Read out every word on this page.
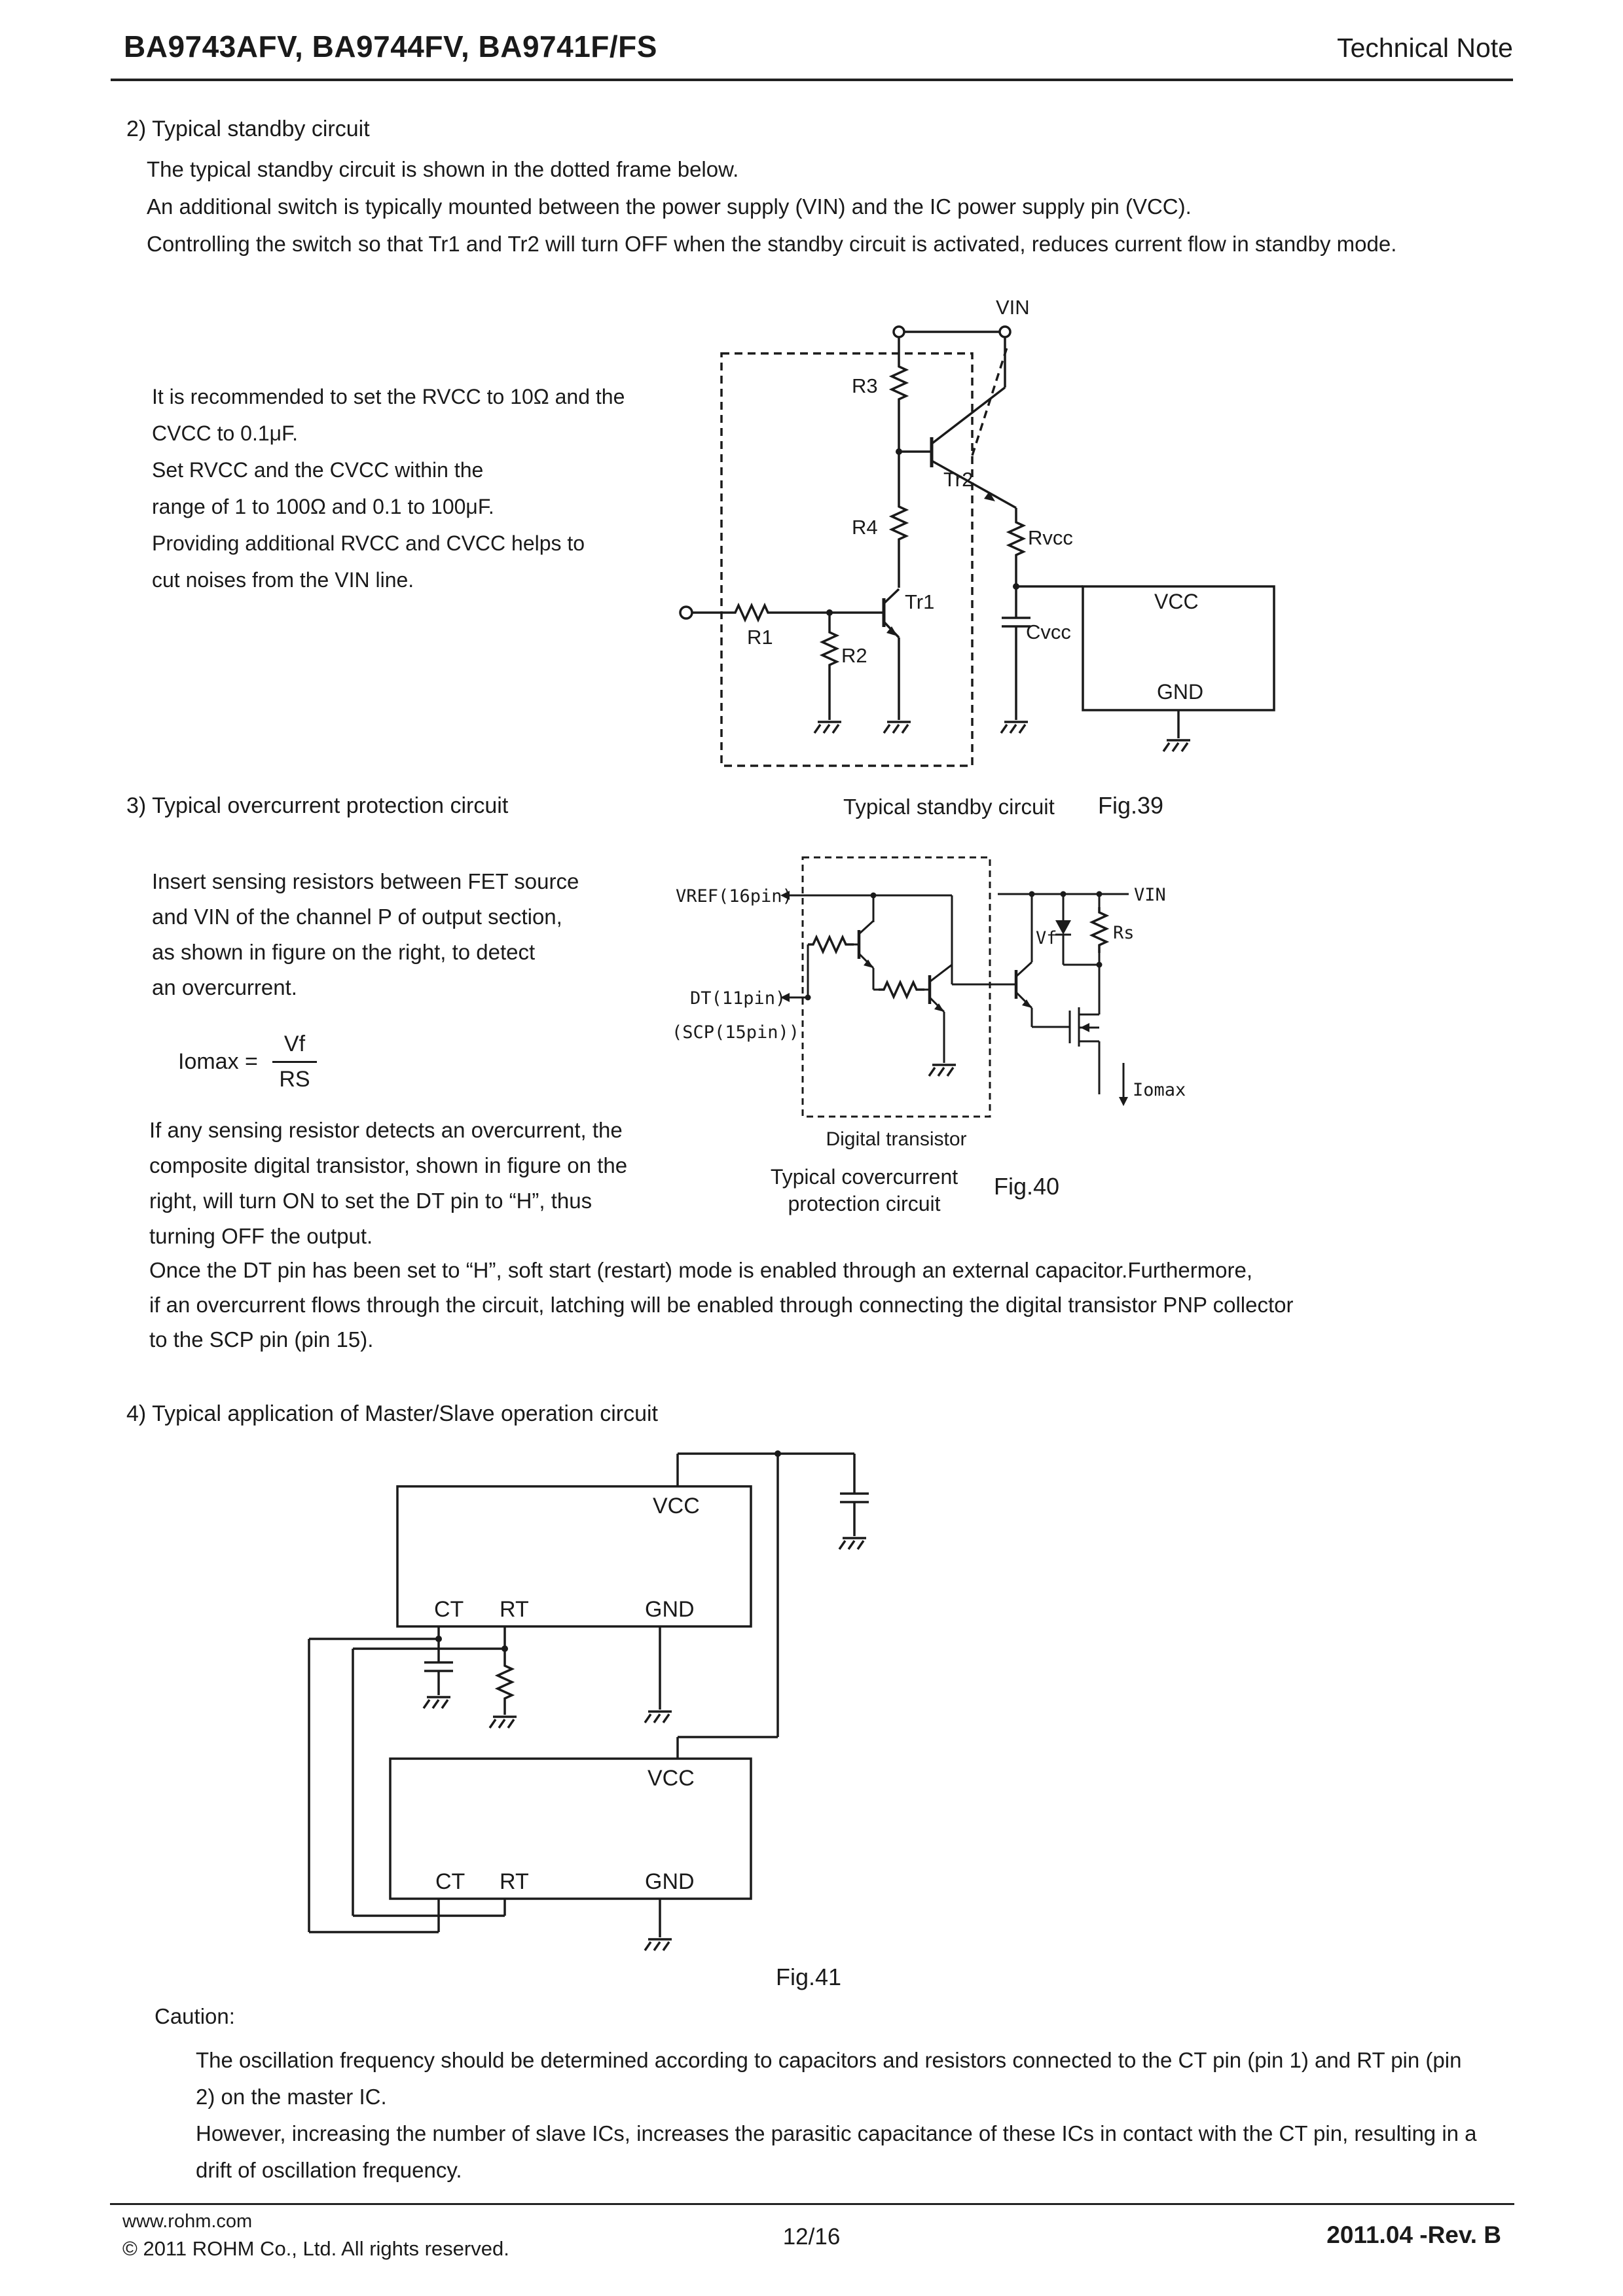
BA9743AFV, BA9744FV, BA9741F/FS	Technical Note
2) Typical standby circuit
The typical standby circuit is shown in the dotted frame below.
An additional switch is typically mounted between the power supply (VIN) and the IC power supply pin (VCC).
Controlling the switch so that Tr1 and Tr2 will turn OFF when the standby circuit is activated, reduces current flow in standby mode.
It is recommended to set the RVCC to 10Ω and the
CVCC to 0.1μF.
Set RVCC and the CVCC within the
range of 1 to 100Ω and 0.1 to 100μF.
Providing additional RVCC and CVCC helps to
cut noises from the VIN line.
VIN
R3
Tr2
R4	Rvcc
Tr1
R1
R2
Cvcc
VCC
GND
Typical standby circuit Fig.39
3) Typical overcurrent protection circuit
Insert sensing resistors between FET source
and VIN of the channel P of output section,
as shown in figure on the right, to detect
an overcurrent.
$Iomax = \frac{Vf}{RS}$
If any sensing resistor detects an overcurrent, the
composite digital transistor, shown in figure on the
right, will turn ON to set the DT pin to “H”, thus
turning OFF the output.
Once the DT pin has been set to “H”, soft start (restart) mode is enabled through an external capacitor.Furthermore,
if an overcurrent flows through the circuit, latching will be enabled through connecting the digital transistor PNP collector
to the SCP pin (pin 15).
VREF(16pin)
DT(11pin)
(SCP(15pin))
VIN
Vf	Rs
Iomax
Digital transistor
Typical covercurrent
protection circuit
Fig.40
4) Typical application of Master/Slave operation circuit
VCC
CT RT	GND
VCC
CT RT	GND
Fig.41
Caution:
The oscillation frequency should be determined according to capacitors and resistors connected to the CT pin (pin 1) and RT pin (pin
2) on the master IC.
However, increasing the number of slave ICs, increases the parasitic capacitance of these ICs in contact with the CT pin, resulting in a
drift of oscillation frequency.
www.rohm.com
© 2011 ROHM Co., Ltd. All rights reserved.	12/16	2011.04 -Rev. B
